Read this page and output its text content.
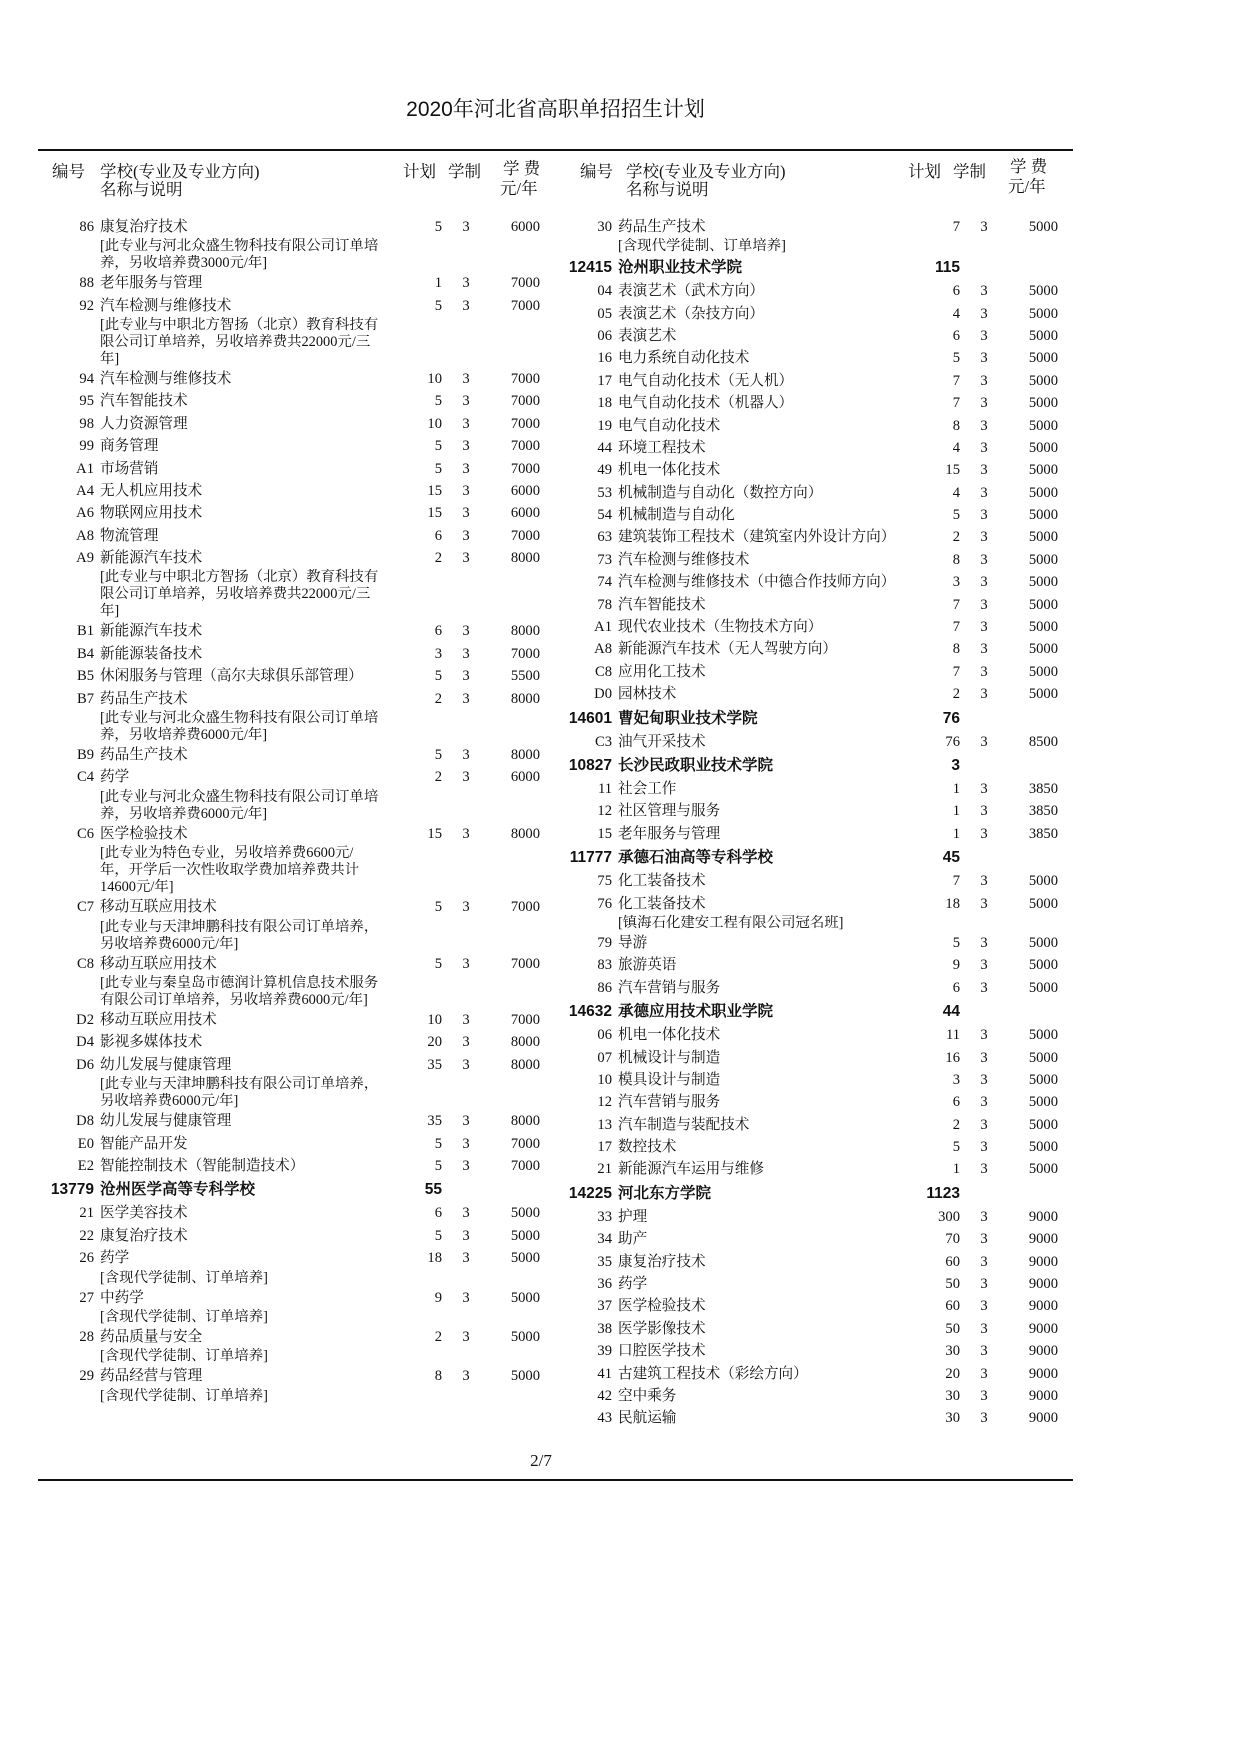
2020年河北省高职单招招生计划
编号 学校(专业及专业方向)
名称与说明
计划 学制 学 费
元/年
编号 学校(专业及专业方向)
名称与说明
计划 学制 学 费
元/年
86 康复治疗技术	5	3	6000
[此专业与河北众盛生物科技有限公司订单培
养，另收培养费3000元/年]
88 老年服务与管理	1	3	7000
92 汽车检测与维修技术	5	3	7000
[此专业与中职北方智扬（北京）教育科技有
限公司订单培养，另收培养费共22000元/三
年]
94 汽车检测与维修技术	10	3	7000
95 汽车智能技术	5	3	7000
98 人力资源管理	10	3	7000
99 商务管理	5	3	7000
A1 市场营销	5	3	7000
A4 无人机应用技术	15	3	6000
A6 物联网应用技术	15	3	6000
A8 物流管理	6	3	7000
A9 新能源汽车技术	2	3	8000
[此专业与中职北方智扬（北京）教育科技有
限公司订单培养，另收培养费共22000元/三
年]
B1 新能源汽车技术	6	3	8000
B4 新能源装备技术	3	3	7000
B5 休闲服务与管理（高尔夫球俱乐部管理）	5	3	5500
B7 药品生产技术	2	3	8000
[此专业与河北众盛生物科技有限公司订单培
养，另收培养费6000元/年]
B9 药品生产技术	5	3	8000
C4 药学	2	3	6000
[此专业与河北众盛生物科技有限公司订单培
养，另收培养费6000元/年]
C6 医学检验技术	15	3	8000
[此专业为特色专业，另收培养费6600元/
年，开学后一次性收取学费加培养费共计
14600元/年]
C7 移动互联应用技术	5	3	7000
[此专业与天津坤鹏科技有限公司订单培养，
另收培养费6000元/年]
C8 移动互联应用技术	5	3	7000
[此专业与秦皇岛市德润计算机信息技术服务
有限公司订单培养，另收培养费6000元/年]
D2 移动互联应用技术	10	3	7000
D4 影视多媒体技术	20	3	8000
D6 幼儿发展与健康管理	35	3	8000
[此专业与天津坤鹏科技有限公司订单培养，
另收培养费6000元/年]
D8 幼儿发展与健康管理	35	3	8000
E0 智能产品开发	5	3	7000
E2 智能控制技术（智能制造技术）	5	3	7000
13779 沧州医学高等专科学校	55
21 医学美容技术	6	3	5000
22 康复治疗技术	5	3	5000
26 药学	18	3	5000
[含现代学徒制、订单培养]
27 中药学	9	3	5000
[含现代学徒制、订单培养]
28 药品质量与安全	2	3	5000
[含现代学徒制、订单培养]
29 药品经营与管理	8	3	5000
[含现代学徒制、订单培养]
30 药品生产技术	7	3	5000
[含现代学徒制、订单培养]
12415 沧州职业技术学院	115
04 表演艺术（武术方向）	6	3	5000
05 表演艺术（杂技方向）	4	3	5000
06 表演艺术	6	3	5000
16 电力系统自动化技术	5	3	5000
17 电气自动化技术（无人机）	7	3	5000
18 电气自动化技术（机器人）	7	3	5000
19 电气自动化技术	8	3	5000
44 环境工程技术	4	3	5000
49 机电一体化技术	15	3	5000
53 机械制造与自动化（数控方向）	4	3	5000
54 机械制造与自动化	5	3	5000
63 建筑装饰工程技术（建筑室内外设计方向）	2	3	5000
73 汽车检测与维修技术	8	3	5000
74 汽车检测与维修技术（中德合作技师方向）	3	3	5000
78 汽车智能技术	7	3	5000
A1 现代农业技术（生物技术方向）	7	3	5000
A8 新能源汽车技术（无人驾驶方向）	8	3	5000
C8 应用化工技术	7	3	5000
D0 园林技术	2	3	5000
14601 曹妃甸职业技术学院	76
C3 油气开采技术	76	3	8500
10827 长沙民政职业技术学院	3
11 社会工作	1	3	3850
12 社区管理与服务	1	3	3850
15 老年服务与管理	1	3	3850
11777 承德石油高等专科学校	45
75 化工装备技术	7	3	5000
76 化工装备技术	18	3	5000
[镇海石化建安工程有限公司冠名班]
79 导游	5	3	5000
83 旅游英语	9	3	5000
86 汽车营销与服务	6	3	5000
14632 承德应用技术职业学院	44
06 机电一体化技术	11	3	5000
07 机械设计与制造	16	3	5000
10 模具设计与制造	3	3	5000
12 汽车营销与服务	6	3	5000
13 汽车制造与装配技术	2	3	5000
17 数控技术	5	3	5000
21 新能源汽车运用与维修	1	3	5000
14225 河北东方学院	1123
33 护理	300	3	9000
34 助产	70	3	9000
35 康复治疗技术	60	3	9000
36 药学	50	3	9000
37 医学检验技术	60	3	9000
38 医学影像技术	50	3	9000
39 口腔医学技术	30	3	9000
41 古建筑工程技术（彩绘方向）	20	3	9000
42 空中乘务	30	3	9000
43 民航运输	30	3	9000
2/7
